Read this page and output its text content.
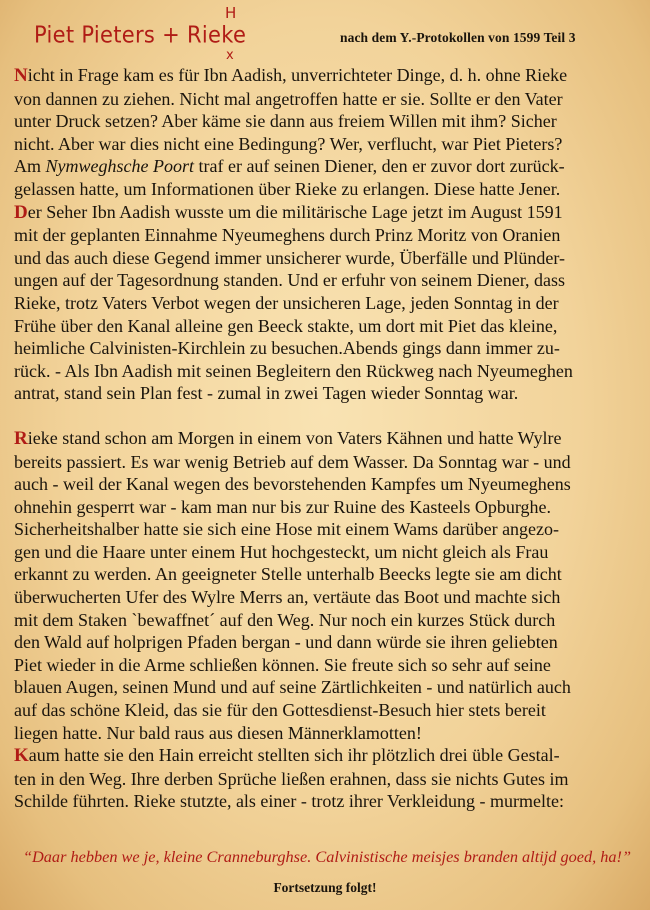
Piet Pieters + Rieke
H
x
nach dem Y.-Protokollen von 1599 Teil 3

Nicht in Frage kam es für Ibn Aadish, unverrichteter Dinge, d. h. ohne Rieke
von dannen zu ziehen. Nicht mal angetroffen hatte er sie. Sollte er den Vater
unter Druck setzen? Aber käme sie dann aus freiem Willen mit ihm? Sicher
nicht. Aber war dies nicht eine Bedingung? Wer, verflucht, war Piet Pieters?
Am Nymweghsche Poort traf er auf seinen Diener, den er zuvor dort zurück-
gelassen hatte, um Informationen über Rieke zu erlangen. Diese hatte Jener.

Der Seher Ibn Aadish wusste um die militärische Lage jetzt im August 1591
mit der geplanten Einnahme Nyeumeghens durch Prinz Moritz von Oranien
und das auch diese Gegend immer unsicherer wurde, Überfälle und Plünder-
ungen auf der Tagesordnung standen. Und er erfuhr von seinem Diener, dass
Rieke, trotz Vaters Verbot wegen der unsicheren Lage, jeden Sonntag in der
Frühe über den Kanal alleine gen Beeck stakte, um dort mit Piet das kleine,
heimliche Calvinisten-Kirchlein zu besuchen.Abends gings dann immer zu-
rück. - Als Ibn Aadish mit seinen Begleitern den Rückweg nach Nyeumeghen
antrat, stand sein Plan fest - zumal in zwei Tagen wieder Sonntag war.

Rieke stand schon am Morgen in einem von Vaters Kähnen und hatte Wylre
bereits passiert. Es war wenig Betrieb auf dem Wasser. Da Sonntag war - und
auch - weil der Kanal wegen des bevorstehenden Kampfes um Nyeumeghens
ohnehin gesperrt war - kam man nur bis zur Ruine des Kasteels Opburghe.
Sicherheitshalber hatte sie sich eine Hose mit einem Wams darüber angezo-
gen und die Haare unter einem Hut hochgesteckt, um nicht gleich als Frau
erkannt zu werden. An geeigneter Stelle unterhalb Beecks legte sie am dicht
überwucherten Ufer des Wylre Merrs an, vertäute das Boot und machte sich
mit dem Staken `bewaffnet´ auf den Weg. Nur noch ein kurzes Stück durch
den Wald auf holprigen Pfaden bergan - und dann würde sie ihren geliebten
Piet wieder in die Arme schließen können. Sie freute sich so sehr auf seine
blauen Augen, seinen Mund und auf seine Zärtlichkeiten - und natürlich auch
auf das schöne Kleid, das sie für den Gottesdienst-Besuch hier stets bereit
liegen hatte. Nur bald raus aus diesen Männerklamotten!

Kaum hatte sie den Hain erreicht stellten sich ihr plötzlich drei üble Gestal-
ten in den Weg. Ihre derben Sprüche ließen erahnen, dass sie nichts Gutes im
Schilde führten. Rieke stutzte, als einer - trotz ihrer Verkleidung - murmelte:

“Daar hebben we je, kleine Cranneburghse. Calvinistische meisjes branden altijd goed, ha!”
Fortsetzung folgt!
